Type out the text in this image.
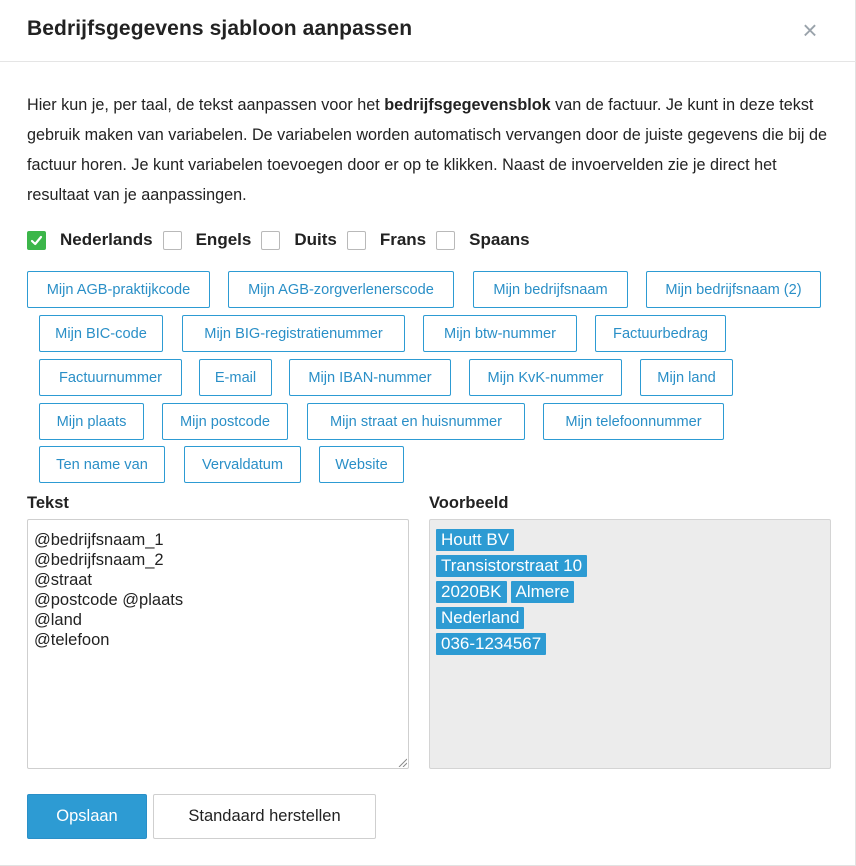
Bedrijfsgegevens sjabloon aanpassen	×
Hier kun je, per taal, de tekst aanpassen voor het bedrijfsgegevensblok van de factuur. Je kunt in deze tekst gebruik maken van variabelen. De variabelen worden automatisch vervangen door de juiste gegevens die bij de factuur horen. Je kunt variabelen toevoegen door er op te klikken. Naast de invoervelden zie je direct het resultaat van je aanpassingen.
Nederlands	Engels	Duits	Frans	Spaans
Mijn AGB-praktijkcode	Mijn AGB-zorgverlenerscode	Mijn bedrijfsnaam	Mijn bedrijfsnaam (2)
Mijn BIC-code	Mijn BIG-registratienummer	Mijn btw-nummer	Factuurbedrag
Factuurnummer	E-mail	Mijn IBAN-nummer	Mijn KvK-nummer	Mijn land
Mijn plaats	Mijn postcode	Mijn straat en huisnummer	Mijn telefoonnummer
Ten name van	Vervaldatum	Website
Tekst	Voorbeeld
@bedrijfsnaam_1 @bedrijfsnaam_2 @straat @postcode @plaats @land @telefoon
Houtt BV
Transistorstraat 10
2020BK Almere
Nederland
036-1234567
Opslaan	Standaard herstellen
